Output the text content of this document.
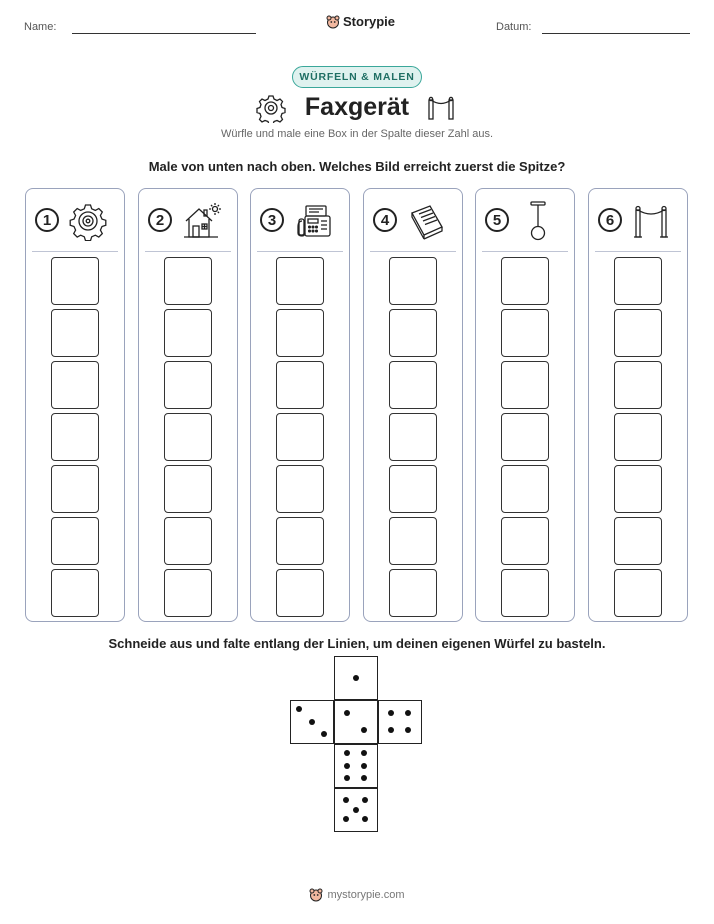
Name:	Storypie	Datum:
WÜRFELN & MALEN
Faxgerät
Würfle und male eine Box in der Spalte dieser Zahl aus.
Male von unten nach oben. Welches Bild erreicht zuerst die Spitze?
1	2	3	4	5	6
Schneide aus und falte entlang der Linien, um deinen eigenen Würfel zu basteln.
mystorypie.com
